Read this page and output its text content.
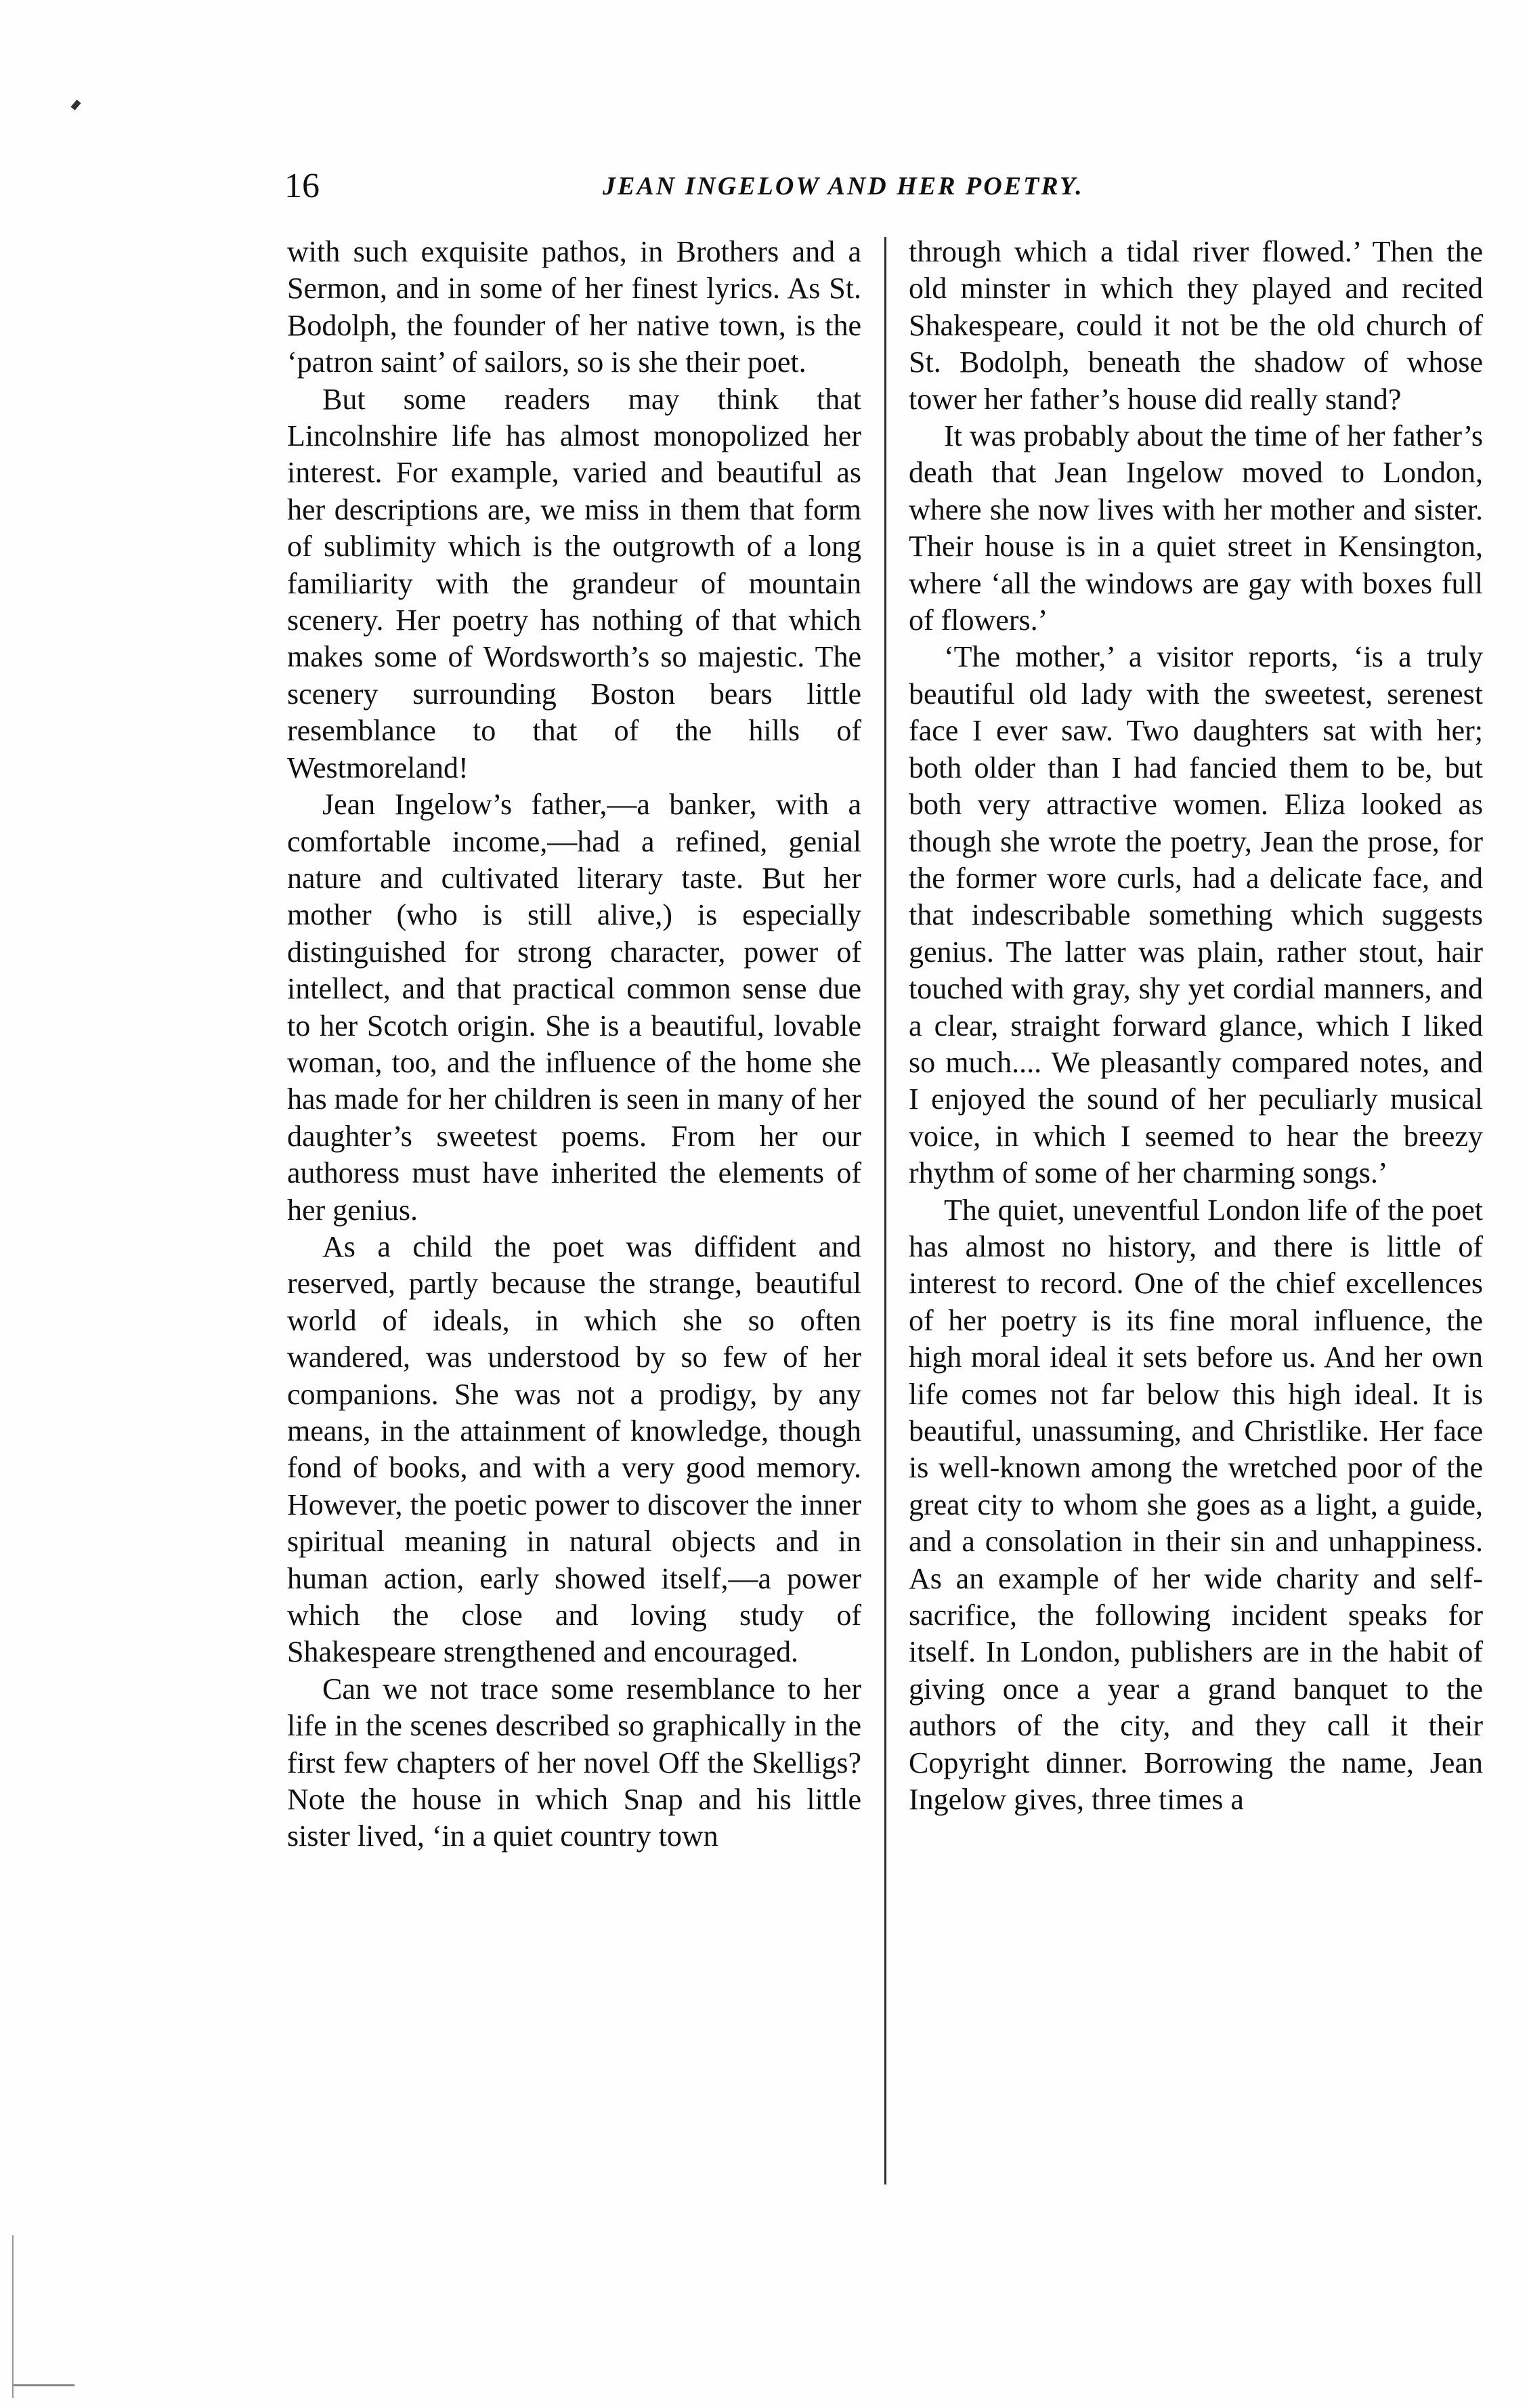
16	JEAN INGELOW AND HER POETRY.

with such exquisite pathos, in Brothers and a Sermon, and in some of her finest lyrics. As St. Bodolph, the founder of her native town, is the ‘patron saint’ of sailors, so is she their poet.

But some readers may think that Lincolnshire life has almost monopolized her interest. For example, varied and beautiful as her descriptions are, we miss in them that form of sublimity which is the outgrowth of a long familiarity with the grandeur of mountain scenery. Her poetry has nothing of that which makes some of Wordsworth’s so majestic. The scenery surrounding Boston bears little resemblance to that of the hills of Westmoreland!

Jean Ingelow’s father,—a banker, with a comfortable income,—had a refined, genial nature and cultivated literary taste. But her mother (who is still alive,) is especially distinguished for strong character, power of intellect, and that practical common sense due to her Scotch origin. She is a beautiful, lovable woman, too, and the influence of the home she has made for her children is seen in many of her daughter’s sweetest poems. From her our authoress must have inherited the elements of her genius.

As a child the poet was diffident and reserved, partly because the strange, beautiful world of ideals, in which she so often wandered, was understood by so few of her companions. She was not a prodigy, by any means, in the attainment of knowledge, though fond of books, and with a very good memory. However, the poetic power to discover the inner spiritual meaning in natural objects and in human action, early showed itself,—a power which the close and loving study of Shakespeare strengthened and encouraged.

Can we not trace some resemblance to her life in the scenes described so graphically in the first few chapters of her novel Off the Skelligs? Note the house in which Snap and his little sister lived, ‘in a quiet country town

through which a tidal river flowed.’ Then the old minster in which they played and recited Shakespeare, could it not be the old church of St. Bodolph, beneath the shadow of whose tower her father’s house did really stand?

It was probably about the time of her father’s death that Jean Ingelow moved to London, where she now lives with her mother and sister. Their house is in a quiet street in Kensington, where ‘all the windows are gay with boxes full of flowers.’

‘The mother,’ a visitor reports, ‘is a truly beautiful old lady with the sweetest, serenest face I ever saw. Two daughters sat with her; both older than I had fancied them to be, but both very attractive women. Eliza looked as though she wrote the poetry, Jean the prose, for the former wore curls, had a delicate face, and that indescribable something which suggests genius. The latter was plain, rather stout, hair touched with gray, shy yet cordial manners, and a clear, straight forward glance, which I liked so much.... We pleasantly compared notes, and I enjoyed the sound of her peculiarly musical voice, in which I seemed to hear the breezy rhythm of some of her charming songs.’

The quiet, uneventful London life of the poet has almost no history, and there is little of interest to record. One of the chief excellences of her poetry is its fine moral influence, the high moral ideal it sets before us. And her own life comes not far below this high ideal. It is beautiful, unassuming, and Christlike. Her face is well-known among the wretched poor of the great city to whom she goes as a light, a guide, and a consolation in their sin and unhappiness. As an example of her wide charity and self-sacrifice, the following incident speaks for itself. In London, publishers are in the habit of giving once a year a grand banquet to the authors of the city, and they call it their Copyright dinner. Borrowing the name, Jean Ingelow gives, three times a
